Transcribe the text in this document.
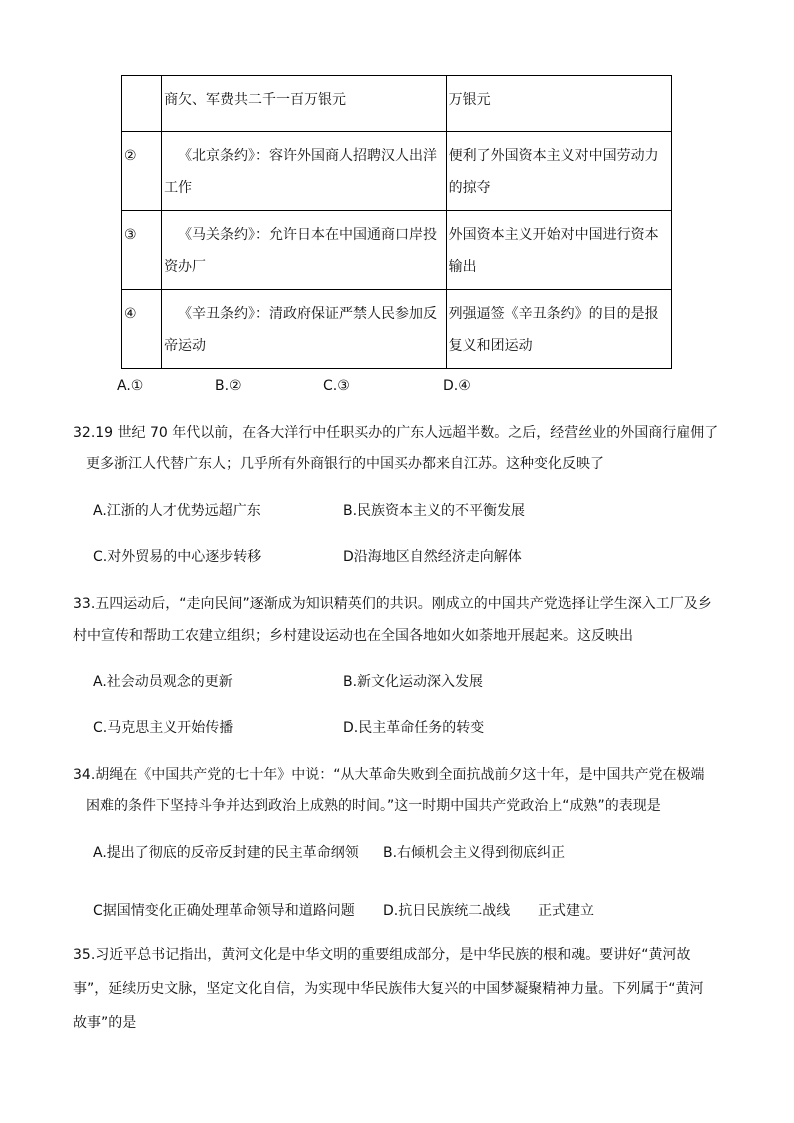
	商欠、军费共二千一百万银元	万银元

②	《北京条约》：容许外国商人招聘汉人出洋工作	便利了外国资本主义对中国劳动力的掠夺

③	《马关条约》：允许日本在中国通商口岸投资办厂	外国资本主义开始对中国进行资本输出

④	《辛丑条约》：清政府保证严禁人民参加反帝运动	列强逼签《辛丑条约》的目的是报复义和团运动
A.①	B.②	C.③	D.④
32.19 世纪 70 年代以前，在各大洋行中任职买办的广东人远超半数。之后，经营丝业的外国商行雇佣了
更多浙江人代替广东人；几乎所有外商银行的中国买办都来自江苏。这种变化反映了
A.江浙的人才优势远超广东	B.民族资本主义的不平衡发展
C.对外贸易的中心逐步转移	D沿海地区自然经济走向解体
33.五四运动后，“走向民间”逐渐成为知识精英们的共识。刚成立的中国共产党选择让学生深入工厂及乡
村中宣传和帮助工农建立组织；乡村建设运动也在全国各地如火如荼地开展起来。这反映出
A.社会动员观念的更新	B.新文化运动深入发展
C.马克思主义开始传播	D.民主革命任务的转变
34.胡绳在《中国共产党的七十年》中说：“从大革命失败到全面抗战前夕这十年，是中国共产党在极端
困难的条件下坚持斗争并达到政治上成熟的时间。”这一时期中国共产党政治上“成熟”的表现是
A.提出了彻底的反帝反封建的民主革命纲领 B.右倾机会主义得到彻底纠正
C据国情变化正确处理革命领导和道路问题 D.抗日民族统二战线 正式建立
35.习近平总书记指出，黄河文化是中华文明的重要组成部分，是中华民族的根和魂。要讲好“黄河故
事”，延续历史文脉，坚定文化自信，为实现中华民族伟大复兴的中国梦凝聚精神力量。下列属于“黄河
故事”的是
